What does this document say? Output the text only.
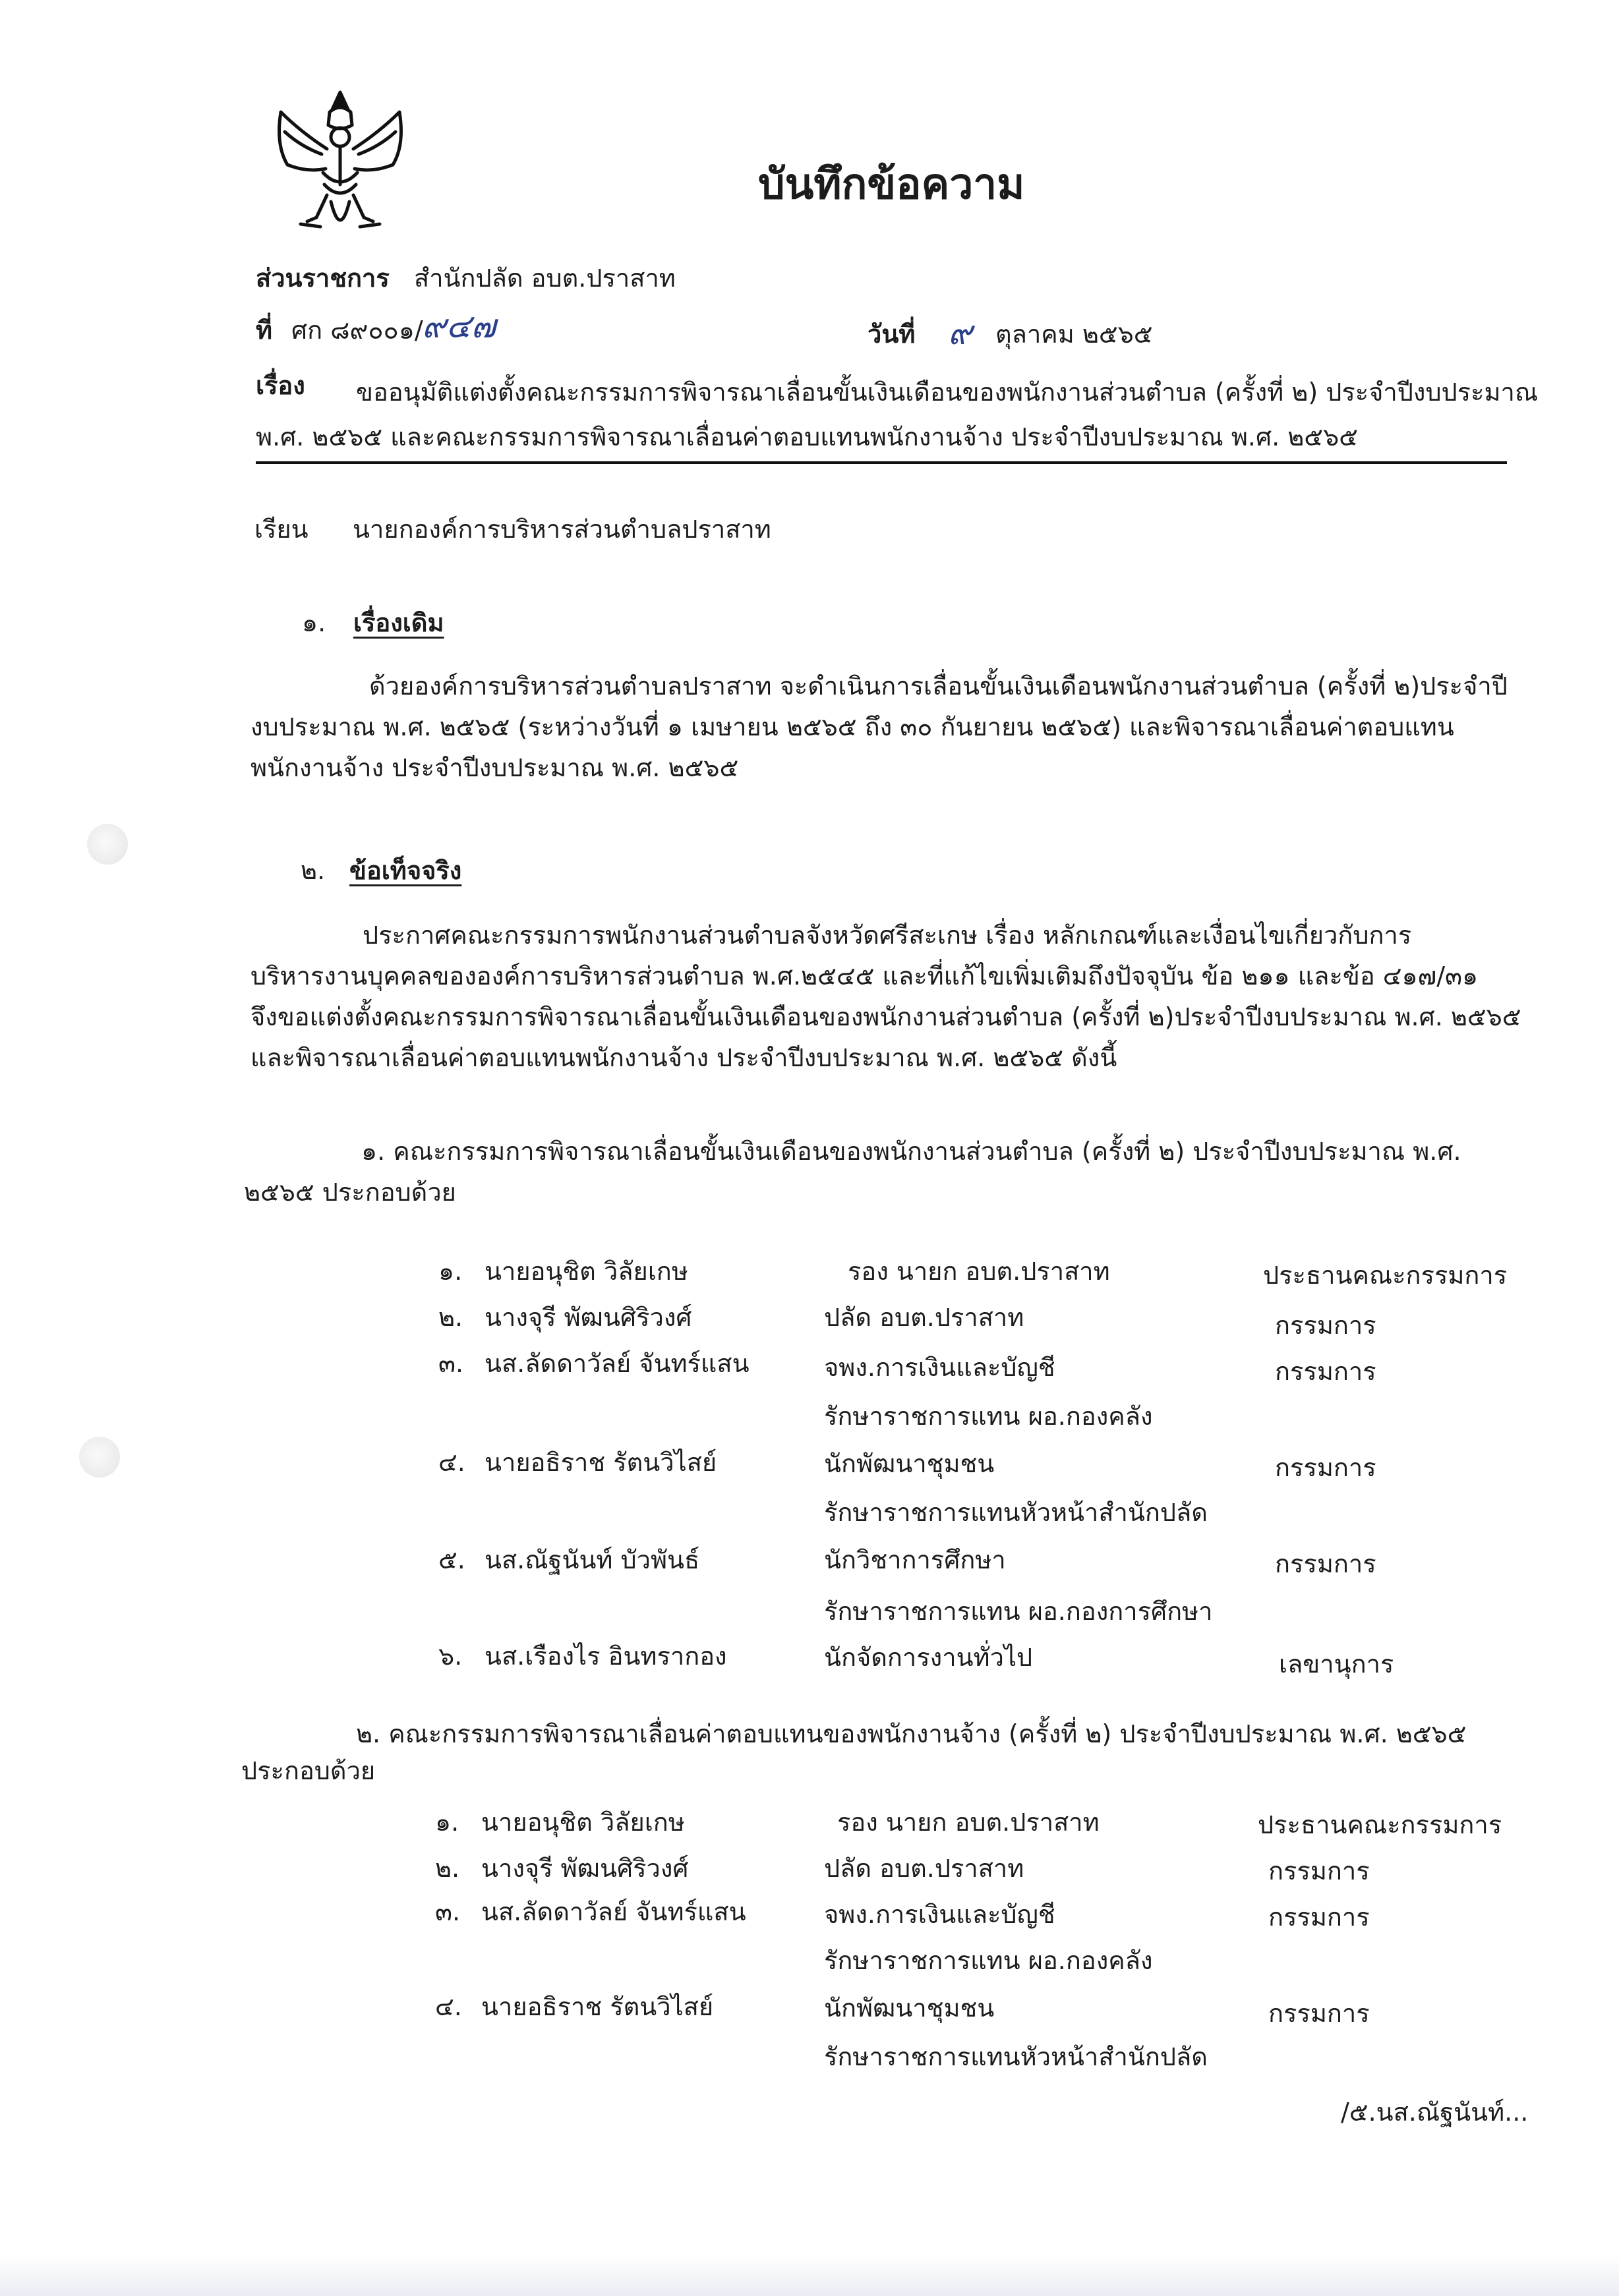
บันทึกข้อความ
ส่วนราชการ สำนักปลัด อบต.ปราสาท
ที่ ศก ๘๙๐๐๑/
๙๔๗	วันที่ ๙ ตุลาคม ๒๕๖๕
เรื่อง ขออนุมัติแต่งตั้งคณะกรรมการพิจารณาเลื่อนขั้นเงินเดือนของพนักงานส่วนตำบล (ครั้งที่ ๒) ประจำปีงบประมาณ
พ.ศ. ๒๕๖๕ และคณะกรรมการพิจารณาเลื่อนค่าตอบแทนพนักงานจ้าง ประจำปีงบประมาณ พ.ศ. ๒๕๖๕
เรียน นายกองค์การบริหารส่วนตำบลปราสาท
๑. เรื่องเดิม
ด้วยองค์การบริหารส่วนตำบลปราสาท จะดำเนินการเลื่อนขั้นเงินเดือนพนักงานส่วนตำบล (ครั้งที่ ๒)ประจำปี
งบประมาณ พ.ศ. ๒๕๖๕ (ระหว่างวันที่ ๑ เมษายน ๒๕๖๕ ถึง ๓๐ กันยายน ๒๕๖๕) และพิจารณาเลื่อนค่าตอบแทน
พนักงานจ้าง ประจำปีงบประมาณ พ.ศ. ๒๕๖๕
๒. ข้อเท็จจริง
ประกาศคณะกรรมการพนักงานส่วนตำบลจังหวัดศรีสะเกษ เรื่อง หลักเกณฑ์และเงื่อนไขเกี่ยวกับการ
บริหารงานบุคคลขององค์การบริหารส่วนตำบล พ.ศ.๒๕๔๕ และที่แก้ไขเพิ่มเติมถึงปัจจุบัน ข้อ ๒๑๑ และข้อ ๔๑๗/๓๑
จึงขอแต่งตั้งคณะกรรมการพิจารณาเลื่อนขั้นเงินเดือนของพนักงานส่วนตำบล (ครั้งที่ ๒)ประจำปีงบประมาณ พ.ศ. ๒๕๖๕
และพิจารณาเลื่อนค่าตอบแทนพนักงานจ้าง ประจำปีงบประมาณ พ.ศ. ๒๕๖๕ ดังนี้
๑. คณะกรรมการพิจารณาเลื่อนขั้นเงินเดือนของพนักงานส่วนตำบล (ครั้งที่ ๒) ประจำปีงบประมาณ พ.ศ.
๒๕๖๕ ประกอบด้วย
๑. นายอนุชิต วิลัยเกษ	รอง นายก อบต.ปราสาท	ประธานคณะกรรมการ
๒. นางจุรี พัฒนศิริวงศ์	ปลัด อบต.ปราสาท	กรรมการ
๓. นส.ลัดดาวัลย์ จันทร์แสน	จพง.การเงินและบัญชี	กรรมการ
รักษาราชการแทน ผอ.กองคลัง
๔. นายอธิราช รัตนวิไสย์	นักพัฒนาชุมชน	กรรมการ
รักษาราชการแทนหัวหน้าสำนักปลัด
๕. นส.ณัฐนันท์ บัวพันธ์	นักวิชาการศึกษา	กรรมการ
รักษาราชการแทน ผอ.กองการศึกษา
๖. นส.เรืองไร อินทรากอง	นักจัดการงานทั่วไป	เลขานุการ
๒. คณะกรรมการพิจารณาเลื่อนค่าตอบแทนของพนักงานจ้าง (ครั้งที่ ๒) ประจำปีงบประมาณ พ.ศ. ๒๕๖๕
ประกอบด้วย
๑. นายอนุชิต วิลัยเกษ	รอง นายก อบต.ปราสาท	ประธานคณะกรรมการ
๒. นางจุรี พัฒนศิริวงศ์	ปลัด อบต.ปราสาท	กรรมการ
๓. นส.ลัดดาวัลย์ จันทร์แสน	จพง.การเงินและบัญชี	กรรมการ
รักษาราชการแทน ผอ.กองคลัง
๔. นายอธิราช รัตนวิไสย์	นักพัฒนาชุมชน	กรรมการ
รักษาราชการแทนหัวหน้าสำนักปลัด
/๕.นส.ณัฐนันท์...
